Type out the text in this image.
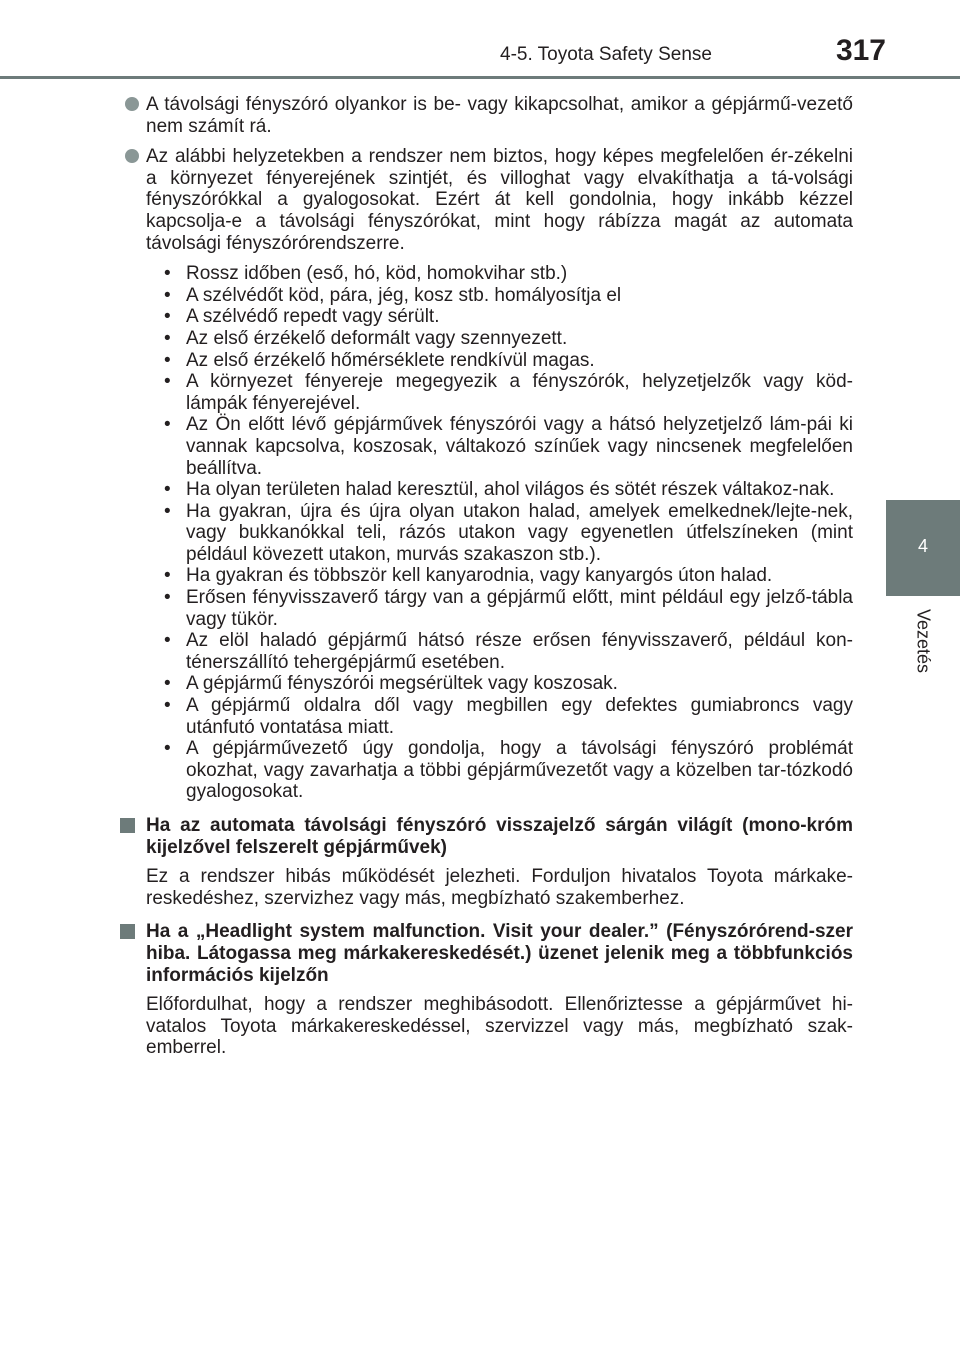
4-5. Toyota Safety Sense	317
4
Vezetés
A távolsági fényszóró olyankor is be- vagy kikapcsolhat, amikor a gépjármű-vezető nem számít rá.
Az alábbi helyzetekben a rendszer nem biztos, hogy képes megfelelően ér-zékelni a környezet fényerejének szintjét, és villoghat vagy elvakíthatja a tá-volsági fényszórókkal a gyalogosokat. Ezért át kell gondolnia, hogy inkább kézzel kapcsolja-e a távolsági fényszórókat, mint hogy rábízza magát az automata távolsági fényszórórendszerre.
• Rossz időben (eső, hó, köd, homokvihar stb.)
• A szélvédőt köd, pára, jég, kosz stb. homályosítja el
• A szélvédő repedt vagy sérült.
• Az első érzékelő deformált vagy szennyezett.
• Az első érzékelő hőmérséklete rendkívül magas.
• A környezet fényereje megegyezik a fényszórók, helyzetjelzők vagy köd-lámpák fényerejével.
• Az Ön előtt lévő gépjárművek fényszórói vagy a hátsó helyzetjelző lám-pái ki vannak kapcsolva, koszosak, váltakozó színűek vagy nincsenek megfelelően beállítva.
• Ha olyan területen halad keresztül, ahol világos és sötét részek váltakoz-nak.
• Ha gyakran, újra és újra olyan utakon halad, amelyek emelkednek/lejte-nek, vagy bukkanókkal teli, rázós utakon vagy egyenetlen útfelszíneken (mint például kövezett utakon, murvás szakaszon stb.).
• Ha gyakran és többször kell kanyarodnia, vagy kanyargós úton halad.
• Erősen fényvisszaverő tárgy van a gépjármű előtt, mint például egy jelző-tábla vagy tükör.
• Az elöl haladó gépjármű hátsó része erősen fényvisszaverő, például kon-ténerszállító tehergépjármű esetében.
• A gépjármű fényszórói megsérültek vagy koszosak.
• A gépjármű oldalra dől vagy megbillen egy defektes gumiabroncs vagy utánfutó vontatása miatt.
• A gépjárművezető úgy gondolja, hogy a távolsági fényszóró problémát okozhat, vagy zavarhatja a többi gépjárművezetőt vagy a közelben tar-tózkodó gyalogosokat.
Ha az automata távolsági fényszóró visszajelző sárgán világít (mono-króm kijelzővel felszerelt gépjárművek)
Ez a rendszer hibás működését jelezheti. Forduljon hivatalos Toyota márkake-reskedéshez, szervizhez vagy más, megbízható szakemberhez.
Ha a „Headlight system malfunction. Visit your dealer.” (Fényszórórend-szer hiba. Látogassa meg márkakereskedését.) üzenet jelenik meg a többfunkciós információs kijelzőn
Előfordulhat, hogy a rendszer meghibásodott. Ellenőriztesse a gépjárművet hi-vatalos Toyota márkakereskedéssel, szervizzel vagy más, megbízható szak-emberrel.
